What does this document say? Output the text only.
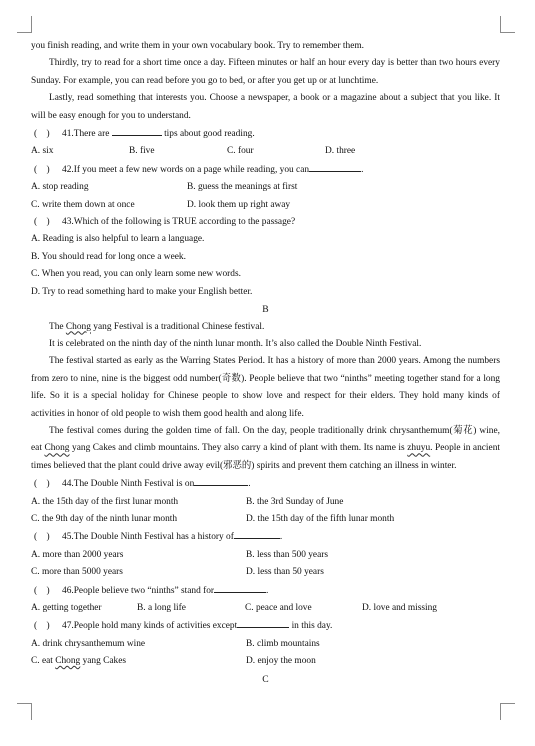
you finish reading, and write them in your own vocabulary book. Try to remember them.

Thirdly, try to read for a short time once a day. Fifteen minutes or half an hour every day is better than two hours every Sunday. For example, you can read before you go to bed, or after you get up or at lunchtime.

Lastly, read something that interests you. Choose a newspaper, a book or a magazine about a subject that you like. It will be easy enough for you to understand.

( ) 41.There are	tips about good reading.

A. six	B. five	C. four	D. three

( ) 42.If you meet a few new words on a page while reading, you can	.

A. stop reading	B. guess the meanings at first
C. write them down at once	D. look them up right away

( ) 43.Which of the following is TRUE according to the passage?

A. Reading is also helpful to learn a language.

B. You should read for long once a week.

C. When you read, you can only learn some new words.

D. Try to read something hard to make your English better.

B

The Chong yang Festival is a traditional Chinese festival.

It is celebrated on the ninth day of the ninth lunar month. It’s also called the Double Ninth Festival.

The festival started as early as the Warring States Period. It has a history of more than 2000 years. Among the numbers from zero to nine, nine is the biggest odd number(奇数). People believe that two “ninths” meeting together stand for a long life. So it is a special holiday for Chinese people to show love and respect for their elders. They hold many kinds of activities in honor of old people to wish them good health and along life.

The festival comes during the golden time of fall. On the day, people traditionally drink chrysanthemum(菊花) wine, eat Chong yang Cakes and climb mountains. They also carry a kind of plant with them. Its name is zhuyu. People in ancient times believed that the plant could drive away evil(邪恶的) spirits and prevent them catching an illness in winter.

( ) 44.The Double Ninth Festival is on	.

A. the 15th day of the first lunar month	B. the 3rd Sunday of June
C. the 9th day of the ninth lunar month	D. the 15th day of the fifth lunar month

( ) 45.The Double Ninth Festival has a history of	.

A. more than 2000 years	B. less than 500 years
C. more than 5000 years	D. less than 50 years

( ) 46.People believe two “ninths” stand for	.

A. getting together	B. a long life	C. peace and love	D. love and missing

( ) 47.People hold many kinds of activities except	in this day.

A. drink chrysanthemum wine	B. climb mountains
C. eat Chong yang Cakes	D. enjoy the moon

C
